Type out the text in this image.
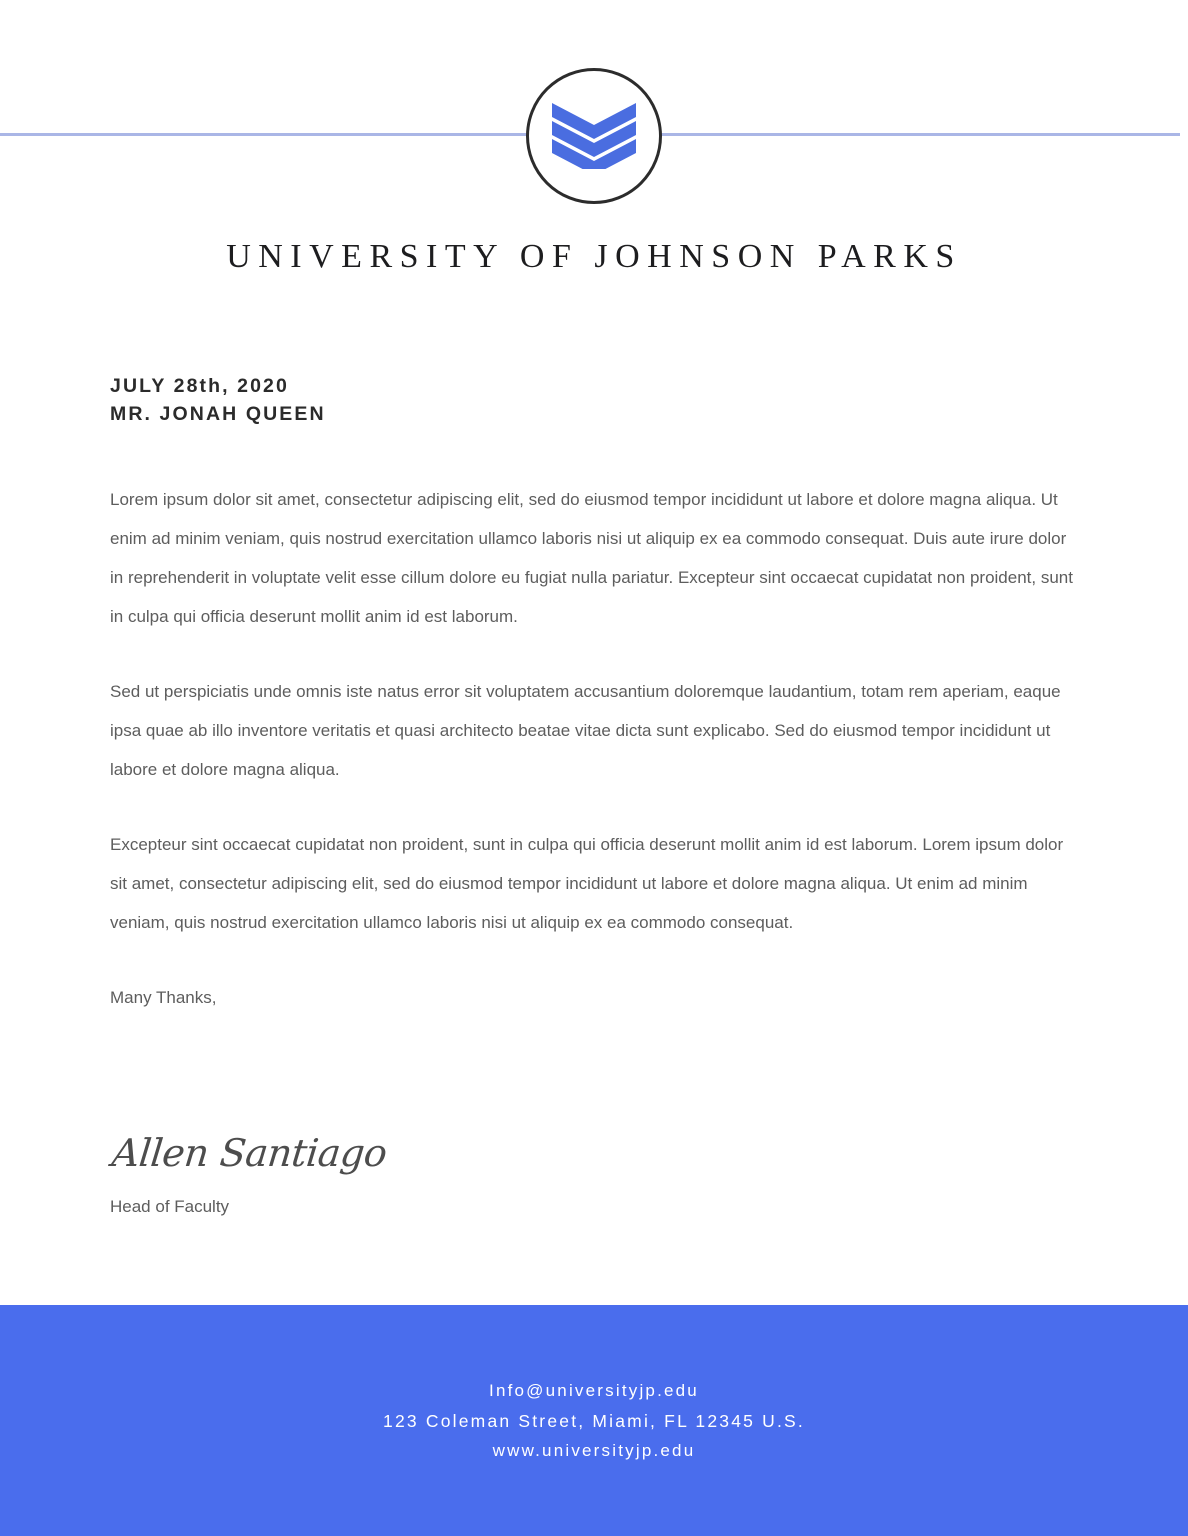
UNIVERSITY OF JOHNSON PARKS
JULY 28th, 2020
MR. JONAH QUEEN

Lorem ipsum dolor sit amet, consectetur adipiscing elit, sed do eiusmod tempor incididunt ut labore et dolore magna aliqua. Ut enim ad minim veniam, quis nostrud exercitation ullamco laboris nisi ut aliquip ex ea commodo consequat. Duis aute irure dolor in reprehenderit in voluptate velit esse cillum dolore eu fugiat nulla pariatur. Excepteur sint occaecat cupidatat non proident, sunt in culpa qui officia deserunt mollit anim id est laborum.

Sed ut perspiciatis unde omnis iste natus error sit voluptatem accusantium doloremque laudantium, totam rem aperiam, eaque ipsa quae ab illo inventore veritatis et quasi architecto beatae vitae dicta sunt explicabo. Sed do eiusmod tempor incididunt ut labore et dolore magna aliqua.

Excepteur sint occaecat cupidatat non proident, sunt in culpa qui officia deserunt mollit anim id est laborum. Lorem ipsum dolor sit amet, consectetur adipiscing elit, sed do eiusmod tempor incididunt ut labore et dolore magna aliqua. Ut enim ad minim veniam, quis nostrud exercitation ullamco laboris nisi ut aliquip ex ea commodo consequat.

Many Thanks,

Allen Santiago
Head of Faculty
Info@universityjp.edu
123 Coleman Street, Miami, FL 12345 U.S.
www.universityjp.edu
